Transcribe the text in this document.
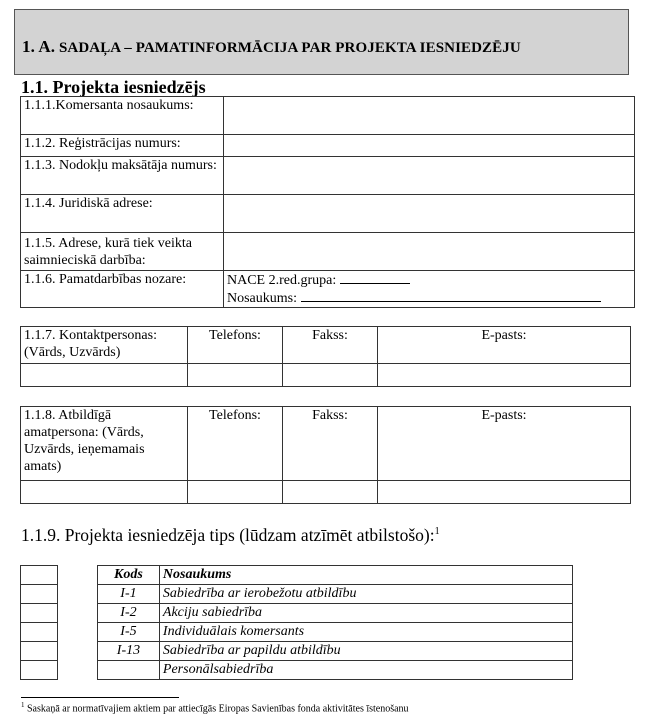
1. A. SADAĻA – PAMATINFORMĀCIJA PAR PROJEKTA IESNIEDZĒJU
1.1. Projekta iesniedzējs
1.1.1.Komersanta nosaukums:	
1.1.2. Reģistrācijas numurs:	
1.1.3. Nodokļu maksātāja numurs:	
1.1.4. Juridiskā adrese:	
1.1.5. Adrese, kurā tiek veikta saimnieciskā darbība:	
1.1.6. Pamatdarbības nozare:	NACE 2.red.grupa:
Nosaukums:
1.1.7. Kontaktpersonas: (Vārds, Uzvārds)	Telefons:	Fakss:	E-pasts:

1.1.8. Atbildīgā amatpersona: (Vārds, Uzvārds, ieņemamais amats)	Telefons:	Fakss:	E-pasts:

1.1.9. Projekta iesniedzēja tips (lūdzam atzīmēt atbilstošo):$^1$

Kods	Nosaukums
I-1	Sabiedrība ar ierobežotu atbildību
I-2	Akciju sabiedrība
I-5	Individuālais komersants
I-13	Sabiedrība ar papildu atbildību
	Personālsabiedrība
$^1$ Saskaņā ar normatīvajiem aktiem par attiecīgās Eiropas Savienības fonda aktivitātes īstenošanu
